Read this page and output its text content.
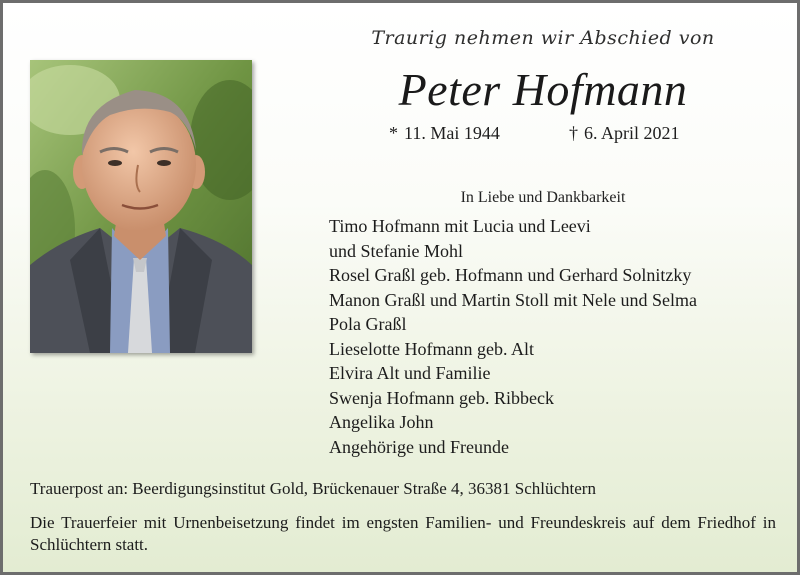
Traurig nehmen wir Abschied von
Peter Hofmann
* 11. Mai 1944	† 6. April 2021
In Liebe und Dankbarkeit
Timo Hofmann mit Lucia und Leevi
und Stefanie Mohl
Rosel Graßl geb. Hofmann und Gerhard Solnitzky
Manon Graßl und Martin Stoll mit Nele und Selma
Pola Graßl
Lieselotte Hofmann geb. Alt
Elvira Alt und Familie
Swenja Hofmann geb. Ribbeck
Angelika John
Angehörige und Freunde
Trauerpost an: Beerdigungsinstitut Gold, Brückenauer Straße 4, 36381 Schlüchtern
Die Trauerfeier mit Urnenbeisetzung findet im engsten Familien- und Freundeskreis auf dem Friedhof in Schlüchtern statt.
